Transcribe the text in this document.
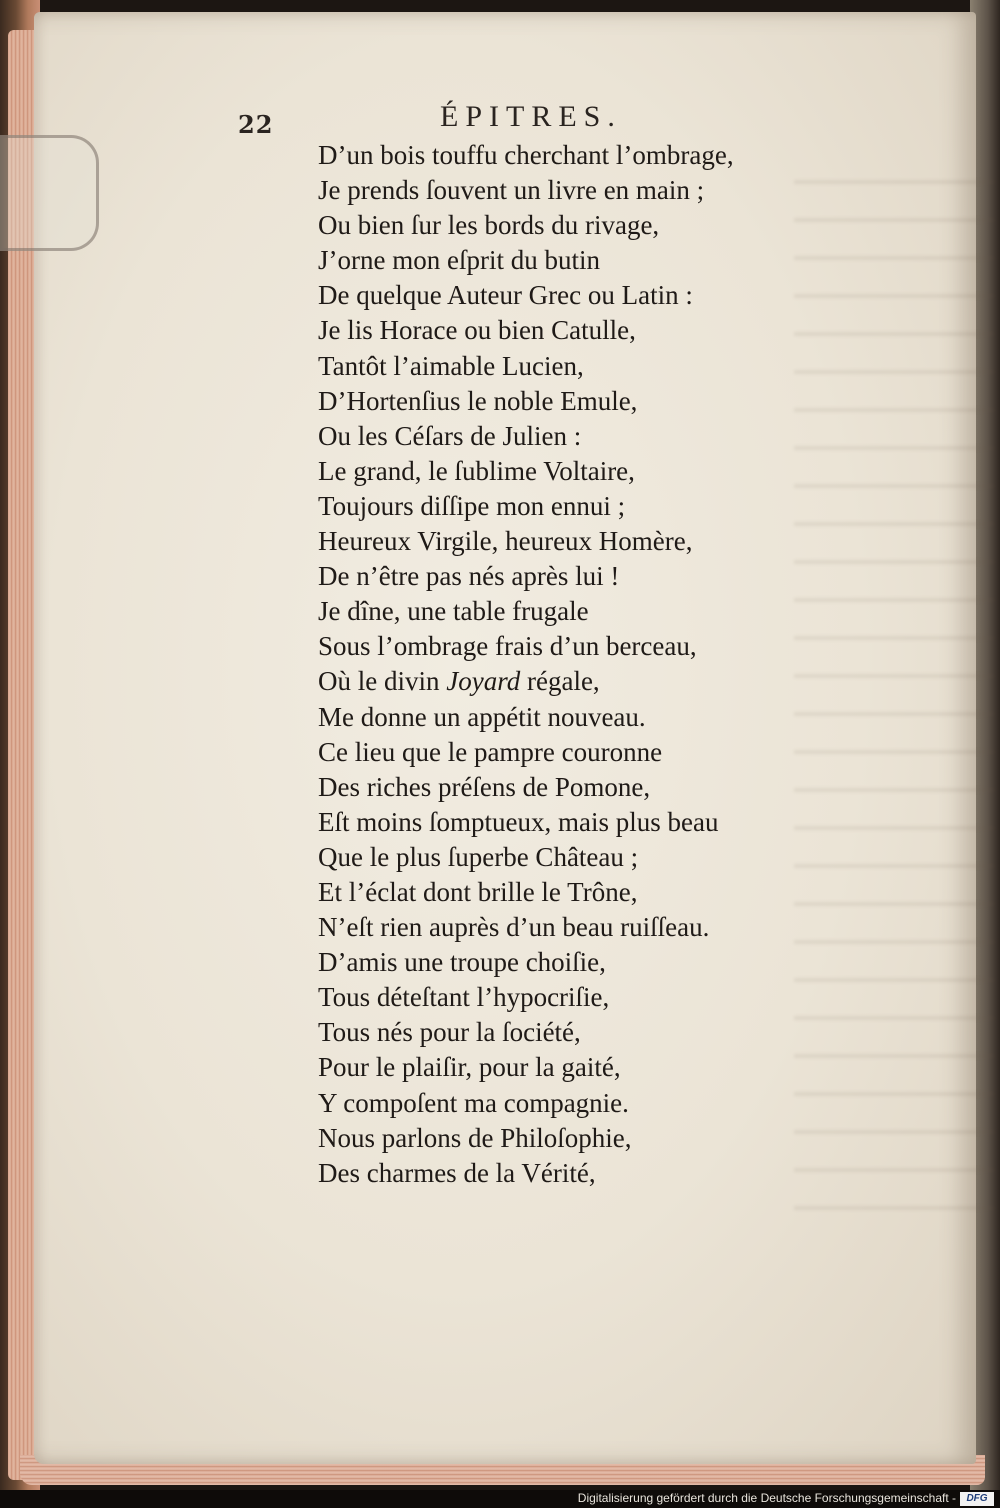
22	ÉPITRES.
D’un bois touffu cherchant l’ombrage,
Je prends ſouvent un livre en main ;
Ou bien ſur les bords du rivage,
J’orne mon eſprit du butin
De quelque Auteur Grec ou Latin :
Je lis Horace ou bien Catulle,
Tantôt l’aimable Lucien,
D’Hortenſius le noble Emule,
Ou les Céſars de Julien :
Le grand, le ſublime Voltaire,
Toujours diſſipe mon ennui ;
Heureux Virgile, heureux Homère,
De n’être pas nés après lui !
Je dîne, une table frugale
Sous l’ombrage frais d’un berceau,
Où le divin Joyard régale,
Me donne un appétit nouveau.
Ce lieu que le pampre couronne
Des riches préſens de Pomone,
Eſt moins ſomptueux, mais plus beau
Que le plus ſuperbe Château ;
Et l’éclat dont brille le Trône,
N’eſt rien auprès d’un beau ruiſſeau.
D’amis une troupe choiſie,
Tous déteſtant l’hypocriſie,
Tous nés pour la ſociété,
Pour le plaiſir, pour la gaité,
Y compoſent ma compagnie.
Nous parlons de Philoſophie,
Des charmes de la Vérité,
Digitalisierung gefördert durch die Deutsche Forschungsgemeinschaft -	DFG
